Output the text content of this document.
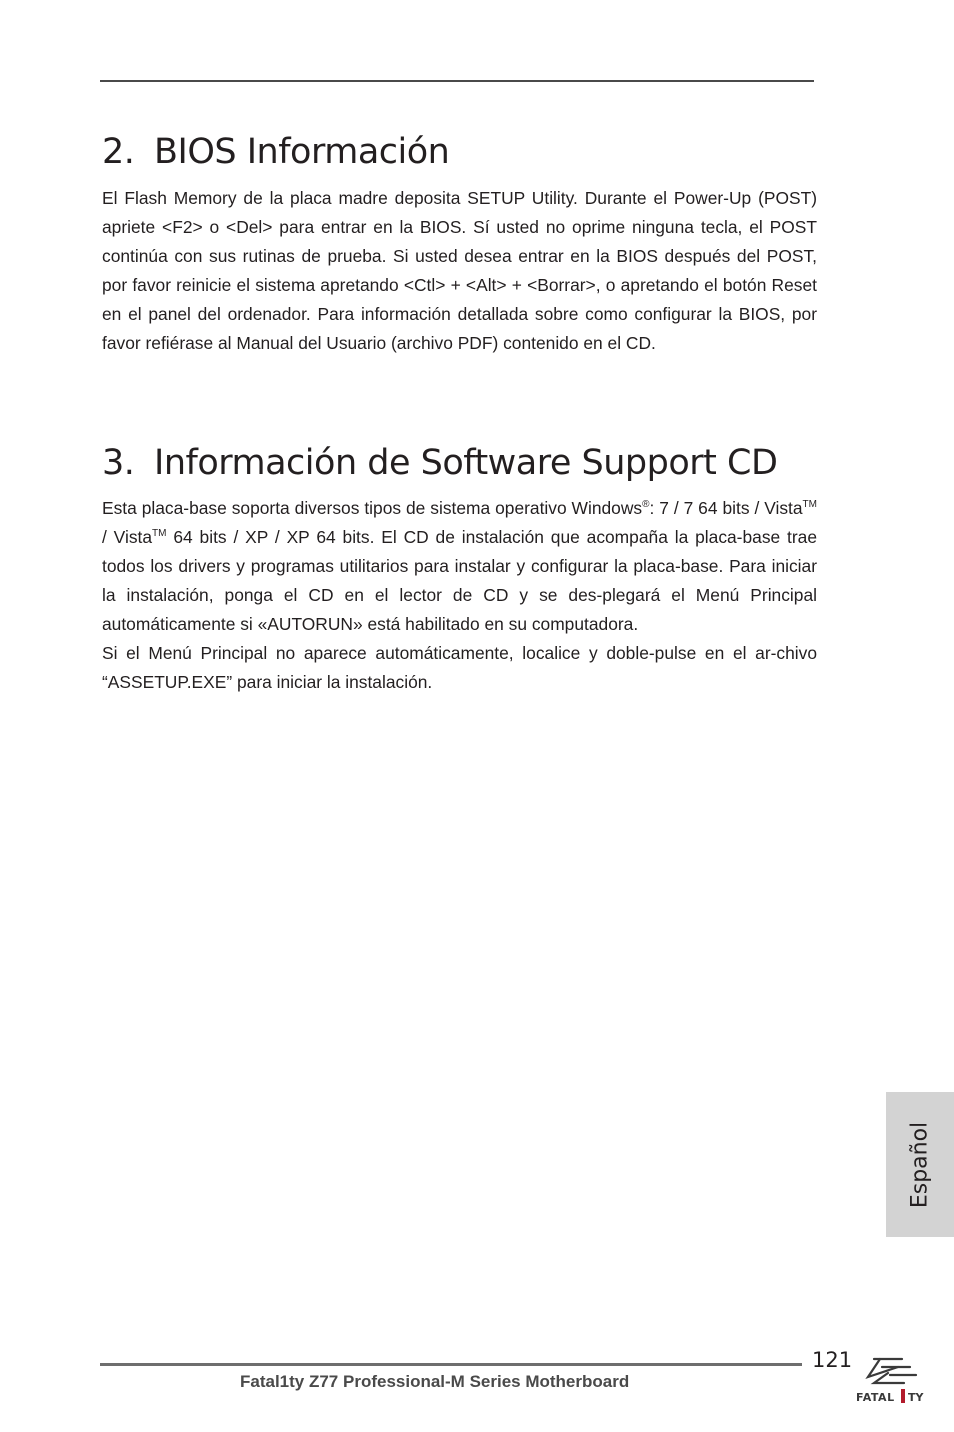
2. BIOS Información

El Flash Memory de la placa madre deposita SETUP Utility. Durante el Power-Up (POST) apriete <F2> o <Del> para entrar en la BIOS. Sí usted no oprime ninguna tecla, el POST continúa con sus rutinas de prueba. Si usted desea entrar en la BIOS después del POST, por favor reinicie el sistema apretando <Ctl> + <Alt> + <Borrar>, o apretando el botón Reset en el panel del ordenador. Para información detallada sobre como configurar la BIOS, por favor refiérase al Manual del Usuario (archivo PDF) contenido en el CD.

3. Información de Software Support CD

Esta placa-base soporta diversos tipos de sistema operativo Windows®: 7 / 7 64 bits / Vista™ / Vista™ 64 bits / XP / XP 64 bits. El CD de instalación que acompaña la placa-base trae todos los drivers y programas utilitarios para instalar y configurar la placa-base. Para iniciar la instalación, ponga el CD en el lector de CD y se des-plegará el Menú Principal automáticamente si «AUTORUN» está habilitado en su computadora.

Si el Menú Principal no aparece automáticamente, localice y doble-pulse en el ar-chivo “ASSETUP.EXE” para iniciar la instalación.

Español
121
Fatal1ty Z77 Professional-M Series Motherboard
FATAL TY
